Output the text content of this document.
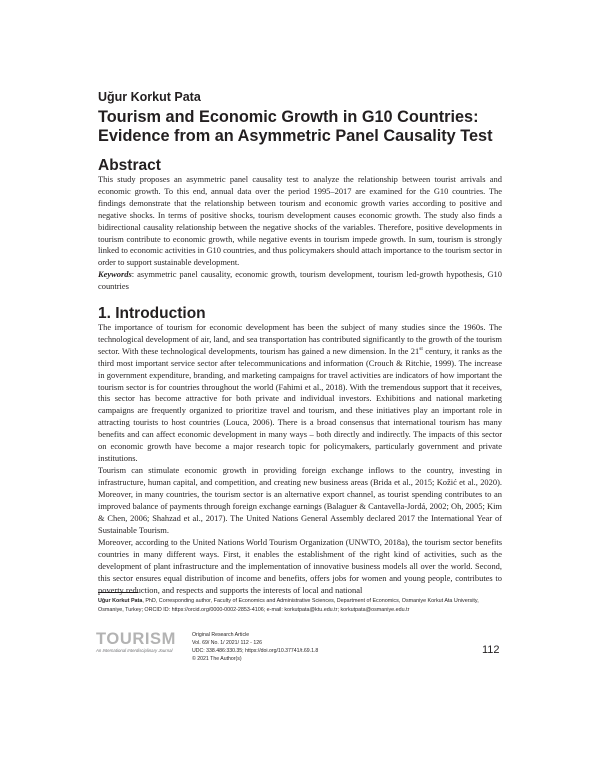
Uğur Korkut Pata
Tourism and Economic Growth in G10 Countries:
Evidence from an Asymmetric Panel Causality Test
Abstract

This study proposes an asymmetric panel causality test to analyze the relationship between tourist arrivals and economic growth. To this end, annual data over the period 1995–2017 are examined for the G10 countries. The findings demonstrate that the relationship between tourism and economic growth varies according to positive and negative shocks. In terms of positive shocks, tourism development causes economic growth. The study also finds a bidirectional causality relationship between the negative shocks of the variables. Therefore, positive developments in tourism contribute to economic growth, while negative events in tourism impede growth. In sum, tourism is strongly linked to economic activities in G10 countries, and thus policymakers should attach importance to the tourism sector in order to support sustainable development.

Keywords: asymmetric panel causality, economic growth, tourism development, tourism led-growth hypothesis, G10 countries

1. Introduction

The importance of tourism for economic development has been the subject of many studies since the 1960s. The technological development of air, land, and sea transportation has contributed significantly to the growth of the tourism sector. With these technological developments, tourism has gained a new dimension. In the 21st century, it ranks as the third most important service sector after telecommunications and information (Crouch & Ritchie, 1999). The increase in government expenditure, branding, and marketing campaigns for travel activities are indicators of how important the tourism sector is for countries throughout the world (Fahimi et al., 2018). With the tremendous support that it receives, this sector has become attractive for both private and individual investors. Exhibitions and national marketing campaigns are frequently organized to prioritize travel and tourism, and these initiatives play an important role in attracting tourists to host countries (Louca, 2006). There is a broad consensus that international tourism has many benefits and can affect economic development in many ways – both directly and indirectly. The impacts of this sector on economic growth have become a major research topic for policymakers, particularly government and private institutions.

Tourism can stimulate economic growth in providing foreign exchange inflows to the country, investing in infrastructure, human capital, and competition, and creating new business areas (Brida et al., 2015; Kožić et al., 2020). Moreover, in many countries, the tourism sector is an alternative export channel, as tourist spending contributes to an improved balance of payments through foreign exchange earnings (Balaguer & Cantavella-Jordá, 2002; Oh, 2005; Kim & Chen, 2006; Shahzad et al., 2017). The United Nations General Assembly declared 2017 the International Year of Sustainable Tourism.

Moreover, according to the United Nations World Tourism Organization (UNWTO, 2018a), the tourism sector benefits countries in many different ways. First, it enables the establishment of the right kind of activities, such as the development of plant infrastructure and the implementation of innovative business models all over the world. Second, this sector ensures equal distribution of income and benefits, offers jobs for women and young people, contributes to poverty reduction, and respects and supports the interests of local and national

Uğur Korkut Pata, PhD, Corresponding author, Faculty of Economics and Administrative Sciences, Department of Economics, Osmaniye Korkut Ata University, Osmaniye, Turkey; ORCID ID: https://orcid.org/0000-0002-2853-4106; e-mail: korkutpata@ktu.edu.tr; korkutpata@osmaniye.edu.tr

TOURISM
An International Interdisciplinary Journal
Original Research Article
Vol. 69/ No. 1/ 2021/ 112 - 126
UDC: 338.486:330.35; https://doi.org/10.37741/t.69.1.8
© 2021 The Author(s)
112
